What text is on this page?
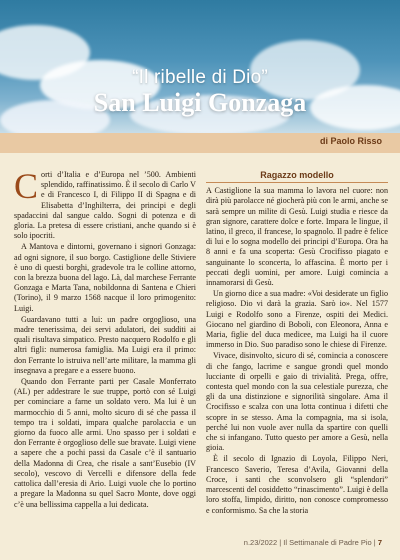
“Il ribelle di Dio”
San Luigi Gonzaga
di Paolo Risso

Corti d’Italia e d’Europa nel ’500. Ambienti splendido, raffinatissimo. È il secolo di Carlo V e di Francesco I, di Filippo II di Spagna e di Elisabetta d’Inghilterra, dei principi e degli spadaccini dal sangue caldo. Sogni di potenza e di gloria. La pretesa di essere cristiani, anche quando si è solo ipocriti.

A Mantova e dintorni, governano i signori Gonzaga: ad ogni signore, il suo borgo. Castiglione delle Stiviere è uno di questi borghi, gradevole tra le colline attorno, con la brezza buona del lago. Là, dal marchese Ferrante Gonzaga e Marta Tana, nobildonna di Santena e Chieri (Torino), il 9 marzo 1568 nacque il loro primogenito: Luigi.

Guardavano tutti a lui: un padre orgoglioso, una madre tenerissima, dei servi adulatori, dei sudditi ai quali risultava simpatico. Presto nacquero Rodolfo e gli altri figli: numerosa famiglia. Ma Luigi era il primo: don Ferrante lo istruiva nell’arte militare, la mamma gli insegnava a pregare e a essere buono.

Quando don Ferrante parti per Casale Monferrato (AL) per addestrare le sue truppe, portò con sé Luigi per cominciare a farne un soldato vero. Ma lui è un marmocchio di 5 anni, molto sicuro di sé che passa il tempo tra i soldati, impara qualche parolaccia e un giorno da fuoco alle armi. Uno spasso per i soldati e don Ferrante è orgoglioso delle sue bravate. Luigi viene a sapere che a pochi passi da Casale c’è il santuario della Madonna di Crea, che risale a sant’Eusebio (IV secolo), vescovo di Vercelli e difensore della fede cattolica dall’eresia di Ario. Luigi vuole che lo portino a pregare la Madonna su quel Sacro Monte, dove oggi c’è una bellissima cappella a lui dedicata.

Ragazzo modello

A Castiglione la sua mamma lo lavora nel cuore: non dirà più parolacce né giocherà più con le armi, anche se sarà sempre un milite di Gesù. Luigi studia e riesce da gran signore, carattere dolce e forte. Impara le lingue, il latino, il greco, il francese, lo spagnolo. Il padre è felice di lui e lo sogna modello dei principi d’Europa. Ora ha 8 anni e fa una scoperta: Gesù Crocifisso piagato e sanguinante lo sconcerta, lo affascina. È morto per i peccati degli uomini, per amore. Luigi comincia a innamorarsi di Gesù.

Un giorno dice a sua madre: «Voi desiderate un figlio religioso. Dio vi darà la grazia. Sarò io». Nel 1577 Luigi e Rodolfo sono a Firenze, ospiti dei Medici. Giocano nel giardino di Boboli, con Eleonora, Anna e Maria, figlie del duca medicee, ma Luigi ha il cuore immerso in Dio. Suo paradiso sono le chiese di Firenze.

Vivace, disinvolto, sicuro di sé, comincia a conoscere di che fango, lacrime e sangue grondi quel mondo lucciante di orpelli e gaio di trivialità. Prega, offre, contesta quel mondo con la sua celestiale purezza, che gli da una distinzione e signorilità singolare. Ama il Crocifisso e scalza con una lotta continua i difetti che scopre in se stesso. Ama la compagnia, ma si isola, perché lui non vuole aver nulla da spartire con quelli che si infangano. Tutto questo per amore a Gesù, nella gioia.

È il secolo di Ignazio di Loyola, Filippo Neri, Francesco Saverio, Teresa d’Avila, Giovanni della Croce, i santi che sconvolsero gli “splendori” marcescenti del cosiddetto “rinascimento”. Luigi è della loro stoffa, limpido, diritto, non conosce compromesso e conformismo. Sa che la storia

n.23/2022 | Il Settimanale di Padre Pio | 7
